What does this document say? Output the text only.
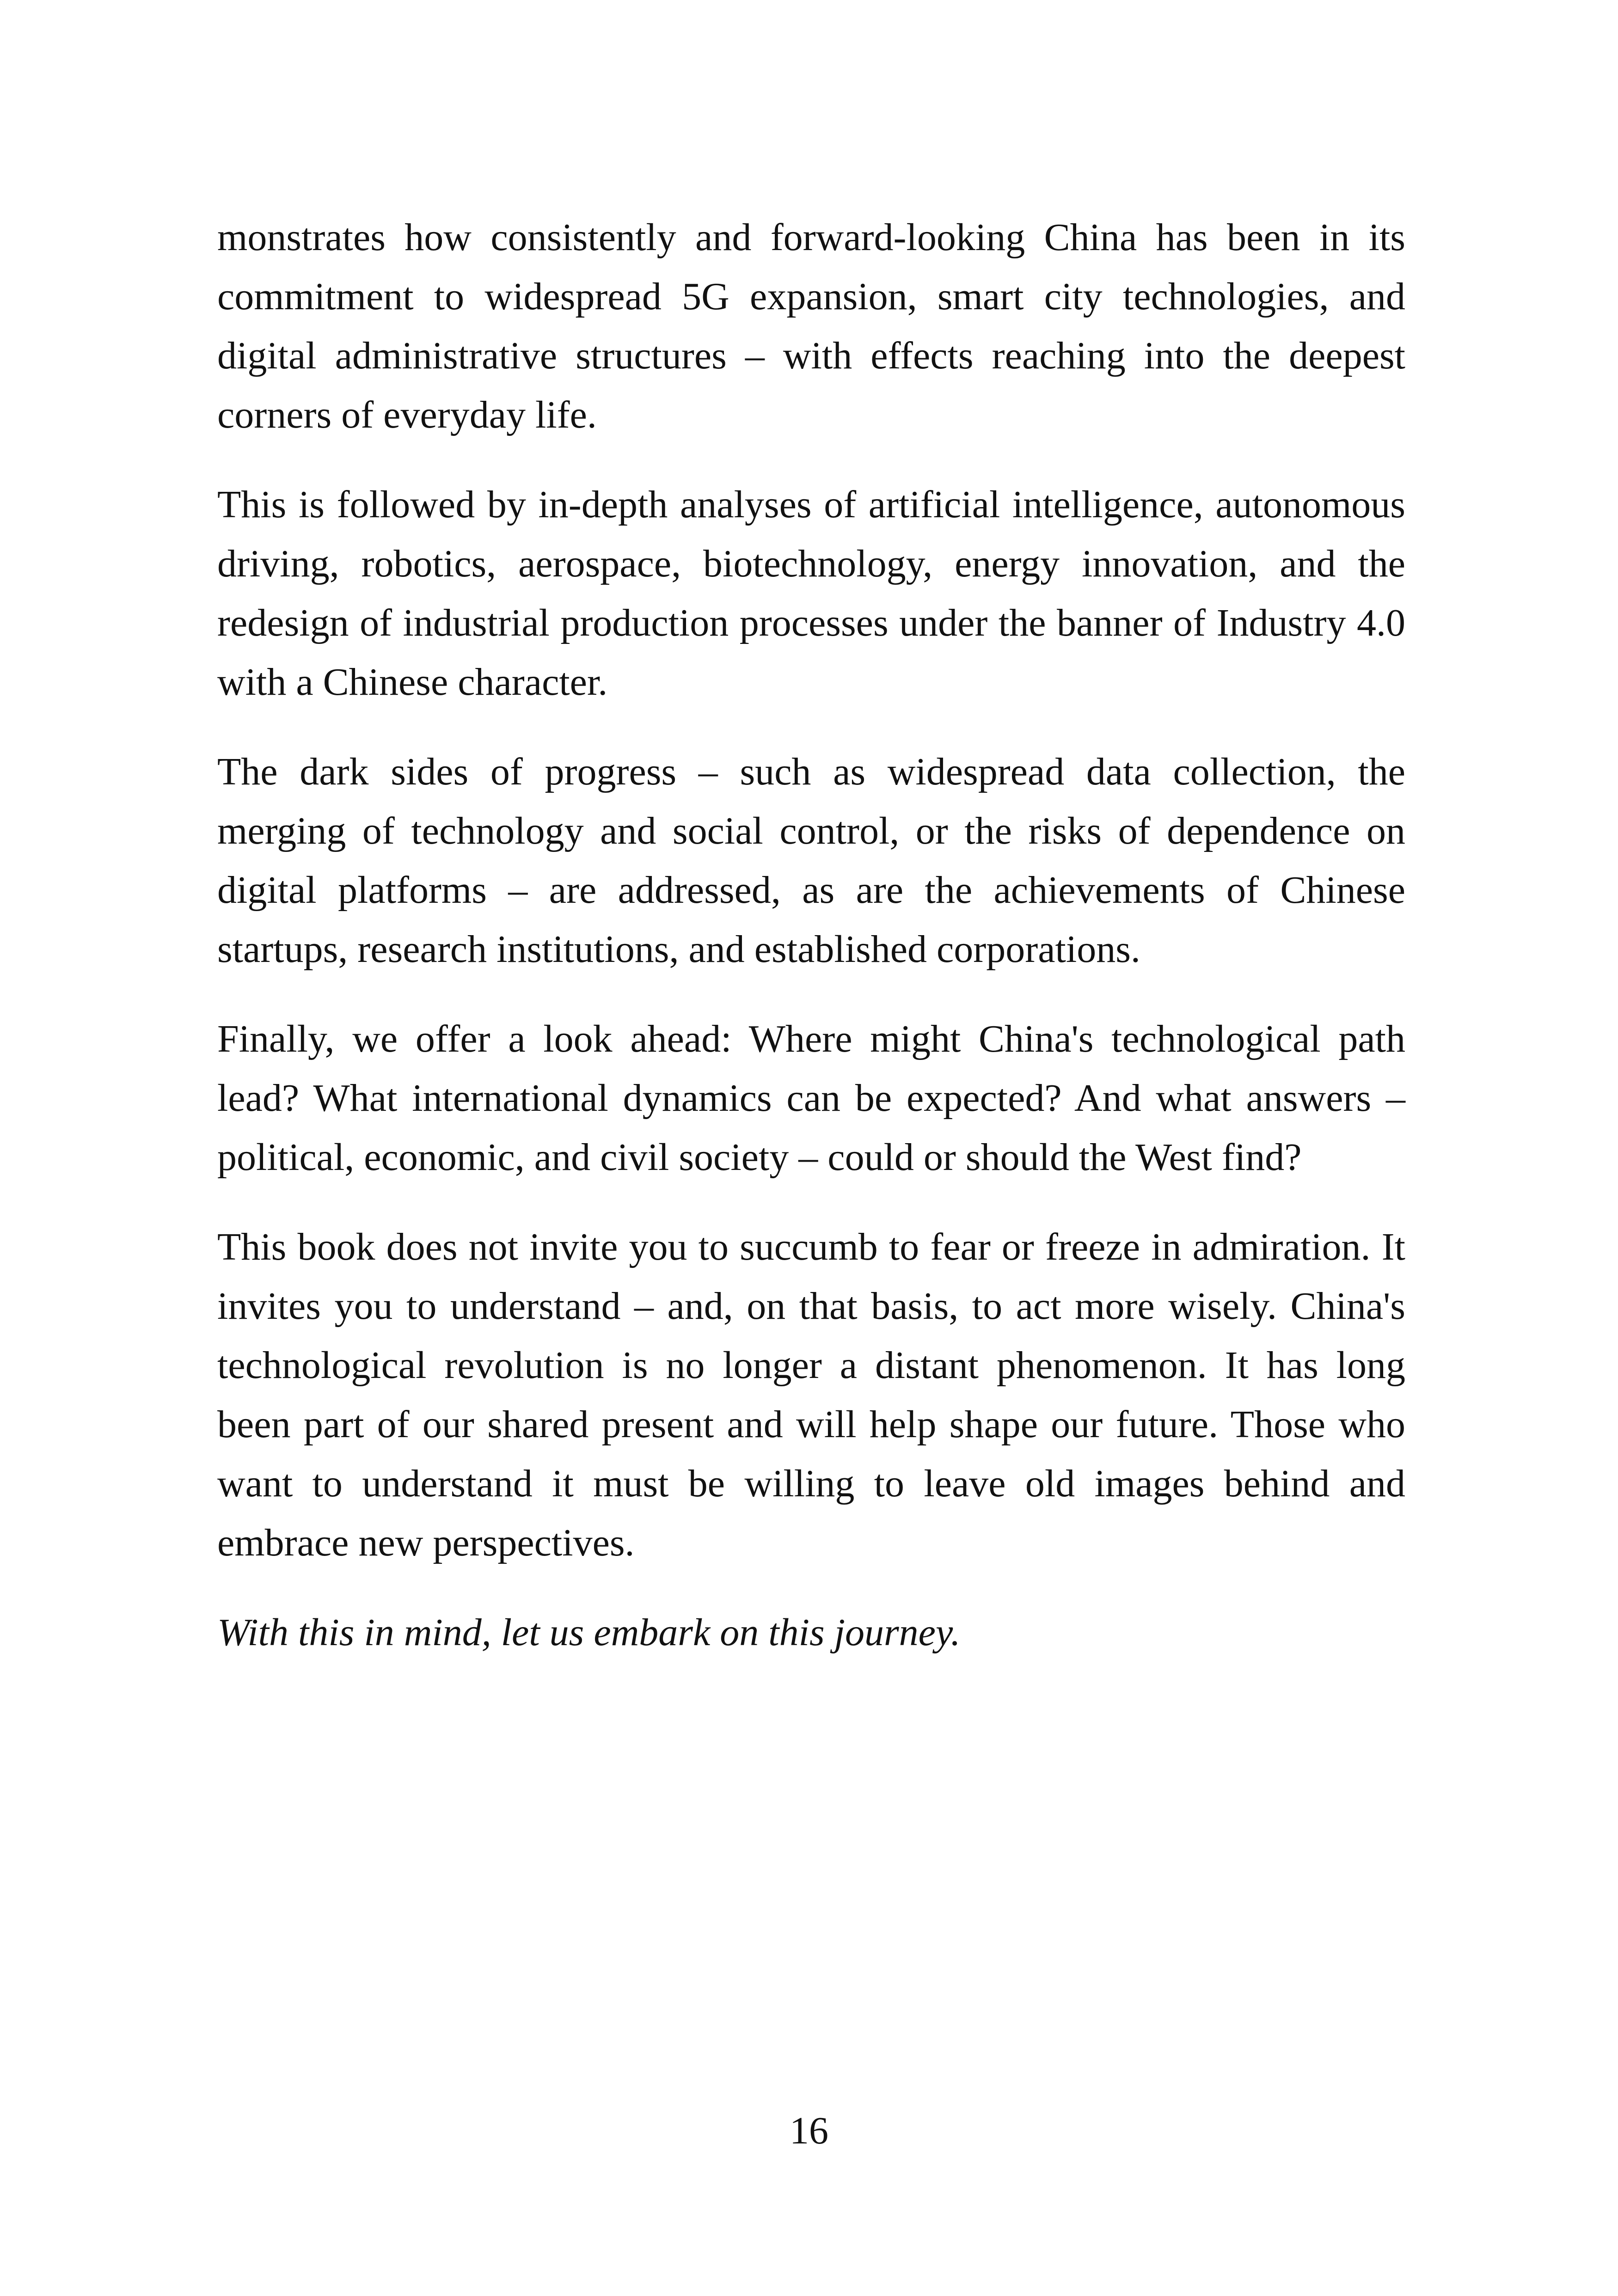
monstrates how consistently and forward-looking China has been in its commitment to widespread 5G expansion, smart city technologies, and digital administrative structures – with effects reaching into the deepest corners of everyday life.

This is followed by in-depth analyses of artificial intelligence, autonomous driving, robotics, aerospace, biotechnology, energy innovation, and the redesign of industrial production processes under the banner of Industry 4.0 with a Chinese character.

The dark sides of progress – such as widespread data collection, the merging of technology and social control, or the risks of dependence on digital platforms – are addressed, as are the achievements of Chinese startups, research institutions, and established corporations.

Finally, we offer a look ahead: Where might China's technological path lead? What international dynamics can be expected? And what answers – political, economic, and civil society – could or should the West find?

This book does not invite you to succumb to fear or freeze in admiration. It invites you to understand – and, on that basis, to act more wisely. China's technological revolution is no longer a distant phenomenon. It has long been part of our shared present and will help shape our future. Those who want to understand it must be willing to leave old images behind and embrace new perspectives.

With this in mind, let us embark on this journey.

16
